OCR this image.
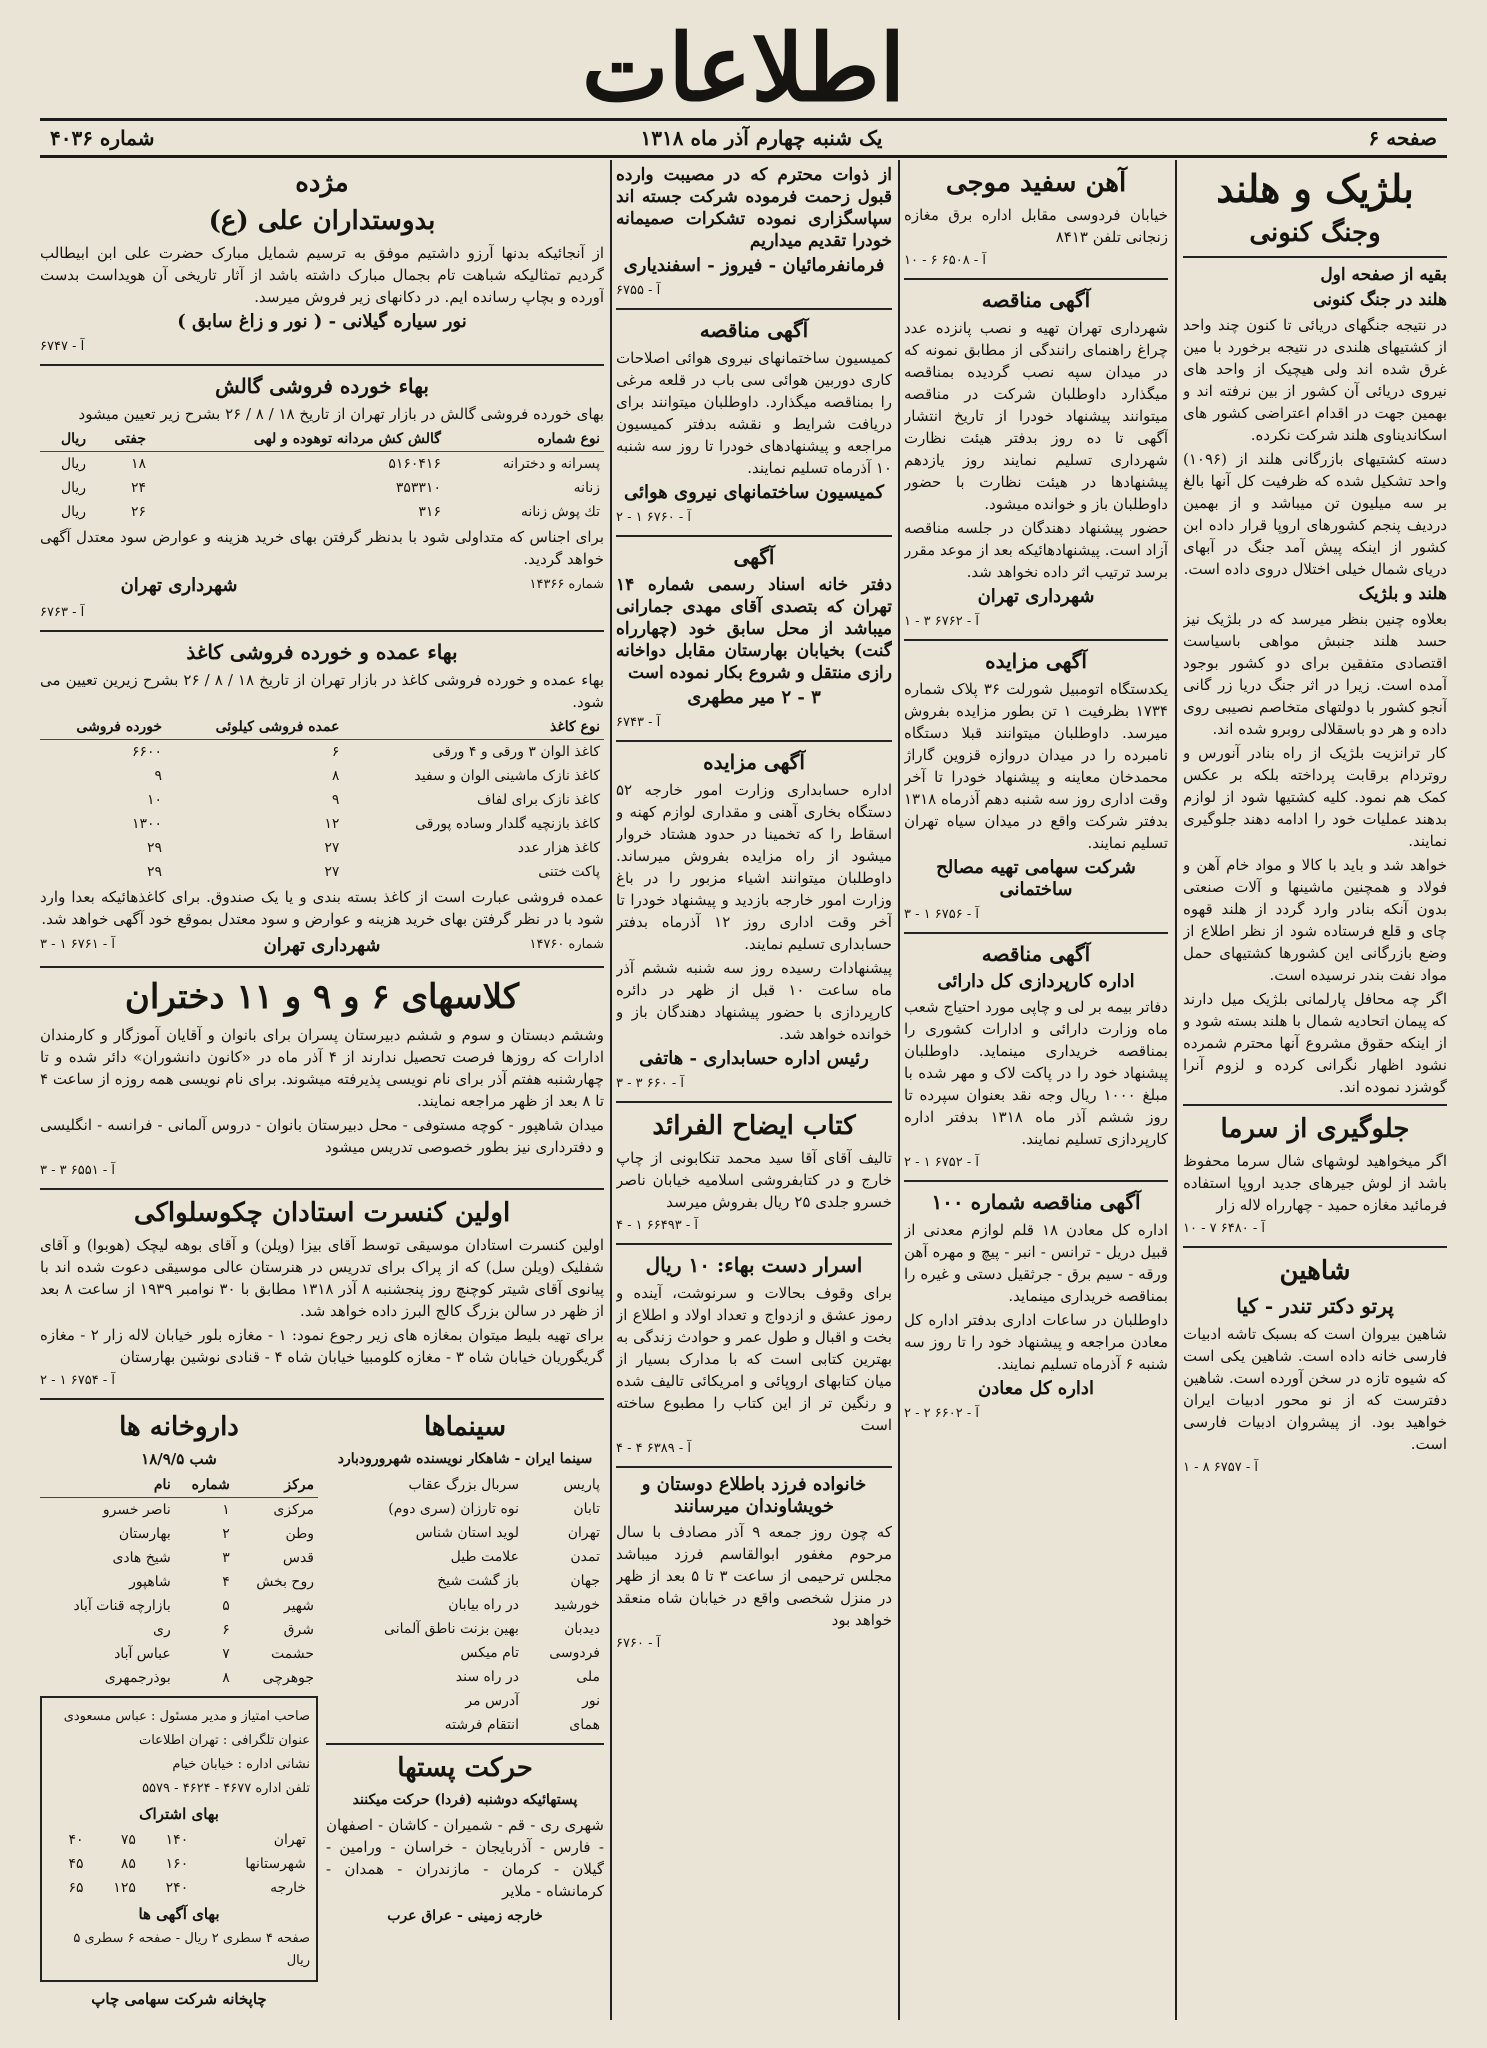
اطلاعات
صفحه ۶
یک شنبه چهارم آذر ماه ۱۳۱۸
شماره ۴۰۳۶
بلژیک و هلند
وجنگ کنونی
بقیه از صفحه اول
هلند در جنگ کنونی
در نتیجه جنگهای دریائی تا کنون چند واحد از کشتیهای هلندی در نتیجه برخورد با مین غرق شده اند ولی هیچیک از واحد های نیروی دریائی آن کشور از بین نرفته اند و بهمین جهت در اقدام اعتراضی کشور های اسکاندیناوی هلند شرکت نکرده.
دسته کشتیهای بازرگانی هلند از (۱۰۹۶) واحد تشکیل شده که ظرفیت کل آنها بالغ بر سه میلیون تن میباشد و از بهمین دردیف پنجم کشورهای اروپا قرار داده ابن کشور از اینکه پیش آمد جنگ در آبهای دریای شمال خیلی اختلال دروی داده است.
هلند و بلژیک
بعلاوه چنین بنظر میرسد که در بلژیک نیز حسد هلند جنبش مواهی باسیاست اقتصادی متفقین برای دو کشور بوجود آمده است. زیرا در اثر جنگ دریا زر گانی آنجو کشور با دولتهای متخاصم نصیبی روی داده و هر دو باسقلالی روبرو شده اند.
کار ترانزیت بلژیک از راه بنادر آنورس و روتردام برقابت پرداخته بلکه بر عکس کمک هم نمود. کلیه کشتیها شود از لوازم بدهند عملیات خود را ادامه دهند جلوگیری نمایند.
خواهد شد و باید با کالا و مواد خام آهن و فولاد و همچنین ماشینها و آلات صنعتی بدون آنکه بنادر وارد گردد از هلند قهوه چای و قلع فرستاده شود از نظر اطلاع از وضع بازرگانی این کشورها کشتیهای حمل مواد نفت بندر نرسیده است.
اگر چه محافل پارلمانی بلژیک میل دارند که پیمان اتحادیه شمال با هلند بسته شود و از اینکه حقوق مشروع آنها محترم شمرده نشود اظهار نگرانی کرده و لزوم آنرا گوشزد نموده اند.
جلوگیری از سرما
اگر میخواهید لوشهای شال سرما محفوظ باشد از لوش جیرهای جدید اروپا استفاده فرمائید مغازه حمید - چهارراه لاله زار
آ - ۶۴۸۰ ۷ - ۱۰
شاهین
پرتو دکتر تندر - کیا
شاهین بیروان است که بسبک تاشه ادبیات فارسی خانه داده است. شاهین یکی است که شیوه تازه در سخن آورده است. شاهین دفترست که از نو محور ادبیات ایران خواهید بود. از پیشروان ادبیات فارسی است.
آ - ۶۷۵۷ ۸ - ۱
آهن سفید موجی
خیابان فردوسی مقابل اداره برق مغازه زنجانی تلفن ۸۴۱۳
آ - ۶۵۰۸ ۶ - ۱۰
آگهی مناقصه
شهرداری تهران تهیه و نصب پانزده عدد چراغ راهنمای رانندگی از مطابق نمونه که در میدان سپه نصب گردیده بمناقصه میگذارد داوطلبان شرکت در مناقصه میتوانند پیشنهاد خودرا از تاریخ انتشار آگهی تا ده روز بدفتر هیئت نظارت شهرداری تسلیم نمایند روز یازدهم پیشنهادها در هیئت نظارت با حضور داوطلبان باز و خوانده میشود.
حضور پیشنهاد دهندگان در جلسه مناقصه آزاد است. پیشنهادهائیکه بعد از موعد مقرر برسد ترتیب اثر داده نخواهد شد.
شهرداری تهران
آ - ۶۷۶۲ ۳ - ۱
آگهی مزایده
یکدستگاه اتومبیل شورلت ۳۶ پلاک شماره ۱۷۳۴ بظرفیت ۱ تن بطور مزایده بفروش میرسد. داوطلبان میتوانند قبلا دستگاه نامبرده را در میدان دروازه قزوین گاراژ محمدخان معاینه و پیشنهاد خودرا تا آخر وقت اداری روز سه شنبه دهم آذرماه ۱۳۱۸ بدفتر شرکت واقع در میدان سیاه تهران تسلیم نمایند.
شرکت سهامی تهیه مصالح ساختمانی
آ - ۶۷۵۶ ۱ - ۳
آگهی مناقصه
اداره کارپردازی کل دارائی
دفاتر بیمه بر لی و چاپی مورد احتیاج شعب ماه وزارت دارائی و ادارات کشوری را بمناقصه خریداری مینماید. داوطلبان پیشنهاد خود را در پاکت لاک و مهر شده با مبلغ ۱۰۰۰ ریال وجه نقد بعنوان سپرده تا روز ششم آذر ماه ۱۳۱۸ بدفتر اداره کارپردازی تسلیم نمایند.
آ - ۶۷۵۲ ۱ - ۲
آگهی مناقصه شماره ۱۰۰
اداره کل معادن ۱۸ قلم لوازم معدنی از قبیل دریل - ترانس - انبر - پیچ و مهره آهن ورقه - سیم برق - جرثقیل دستی و غیره را بمناقصه خریداری مینماید.
داوطلبان در ساعات اداری بدفتر اداره کل معادن مراجعه و پیشنهاد خود را تا روز سه شنبه ۶ آذرماه تسلیم نمایند.
اداره کل معادن
آ - ۶۶۰۲ ۲ - ۲
از ذوات محترم که در مصیبت وارده قبول زحمت فرموده شرکت جسته اند سپاسگزاری نموده تشکرات صمیمانه خودرا تقدیم میداریم
فرمانفرمائیان - فیروز - اسفندیاری
آ - ۶۷۵۵
آگهی مناقصه
کمیسیون ساختمانهای نیروی هوائی اصلاحات کاری دوربین هوائی سی باب در قلعه مرغی را بمناقصه میگذارد. داوطلبان میتوانند برای دریافت شرایط و نقشه بدفتر کمیسیون مراجعه و پیشنهادهای خودرا تا روز سه شنبه ۱۰ آذرماه تسلیم نمایند.
کمیسیون ساختمانهای نیروی هوائی
آ - ۶۷۶۰ ۱ - ۲
آگهی
دفتر خانه اسناد رسمی شماره ۱۴ تهران که بتصدی آقای مهدی جمارانی میباشد از محل سابق خود (چهارراه گنت) بخیابان بهارستان مقابل دواخانه رازی منتقل و شروع بکار نموده است
۳ - ۲ میر مطهری
آ - ۶۷۴۳
آگهی مزایده
اداره حسابداری وزارت امور خارجه ۵۲ دستگاه بخاری آهنی و مقداری لوازم کهنه و اسقاط را که تخمینا در حدود هشتاد خروار میشود از راه مزایده بفروش میرساند. داوطلبان میتوانند اشیاء مزبور را در باغ وزارت امور خارجه بازدید و پیشنهاد خودرا تا آخر وقت اداری روز ۱۲ آذرماه بدفتر حسابداری تسلیم نمایند.
پیشنهادات رسیده روز سه شنبه ششم آذر ماه ساعت ۱۰ قبل از ظهر در دائره کارپردازی با حضور پیشنهاد دهندگان باز و خوانده خواهد شد.
رئیس اداره حسابداری - هاتفی
آ - ۶۶۰ ۳ - ۳
کتاب ایضاح الفرائد
تالیف آقای آقا سید محمد تنکابونی از چاپ خارج و در کتابفروشی اسلامیه خیابان ناصر خسرو جلدی ۲۵ ریال بفروش میرسد
آ - ۶۶۴۹۳ ۱ - ۴
اسرار دست بهاء: ۱۰ ریال
برای وقوف بحالات و سرنوشت، آینده و رموز عشق و ازدواج و تعداد اولاد و اطلاع از بخت و اقبال و طول عمر و حوادث زندگی به بهترین کتابی است که با مدارک بسیار از میان کتابهای اروپائی و امریکائی تالیف شده و رنگین تر از این کتاب را مطبوع ساخته است
آ - ۶۳۸۹ ۴ - ۴
خانواده فرزد باطلاع دوستان و خویشاوندان میرسانند
که چون روز جمعه ۹ آذر مصادف با سال مرحوم مغفور ابوالقاسم فرزد میباشد مجلس ترحیمی از ساعت ۳ تا ۵ بعد از ظهر در منزل شخصی واقع در خیابان شاه منعقد خواهد بود
آ - ۶۷۶۰
مژده
بدوستداران علی (ع)
از آنجائیکه بدنها آرزو داشتیم موفق به ترسیم شمایل مبارک حضرت علی ابن ابیطالب گردیم تمثالیکه شباهت تام بجمال مبارک داشته باشد از آثار تاریخی آن هویداست بدست آورده و بچاپ رسانده ایم. در دکانهای زیر فروش میرسد.
نور سیاره گیلانی - ( نور و زاغ سابق )
آ - ۶۷۴۷
بهاء خورده فروشی گالش
بهای خورده فروشی گالش در بازار تهران از تاریخ ۱۸ / ۸ / ۲۶ بشرح زیر تعیین میشود
نوع شماره	گالش کش مردانه توهوده و لهی	جفتی	ریال
پسرانه و دخترانه	۵۱۶۰۴۱۶	۱۸	ریال
زنانه	۳۵۳۳۱۰	۲۴	ریال
تك پوش زنانه	۳۱۶	۲۶	ریال
برای اجناس که متداولی شود با بدنظر گرفتن بهای خرید هزینه و عوارض سود معتدل آگهی خواهد گردید.
شماره ۱۴۳۶۶
شهرداری تهران
آ - ۶۷۶۳
بهاء عمده و خورده فروشی کاغذ
بهاء عمده و خورده فروشی کاغذ در بازار تهران از تاریخ ۱۸ / ۸ / ۲۶ بشرح زیرین تعیین می شود.
نوع کاغذ	عمده فروشی کیلوئی	خورده فروشی
کاغذ الوان ۳ ورقی و ۴ ورقی	۶	۶۶۰۰
کاغذ نازک ماشینی الوان و سفید	۸	۹
کاغذ نازک برای لفاف	۹	۱۰
کاغذ بازنچیه گلدار وساده پورقی	۱۲	۱۳۰۰
کاغذ هزار عدد	۲۷	۲۹
پاکت ختنی	۲۷	۲۹
عمده فروشی عبارت است از کاغذ بسته بندی و یا یک صندوق. برای کاغذهائیکه بعدا وارد شود با در نظر گرفتن بهای خرید هزینه و عوارض و سود معتدل بموقع خود آگهی خواهد شد.
شماره ۱۴۷۶۰
شهرداری تهران
آ - ۶۷۶۱ ۱ - ۳
کلاسهای ۶ و ۹ و ۱۱ دختران
وششم دبستان و سوم و ششم دبیرستان پسران برای بانوان و آقایان آموزگار و کارمندان ادارات که روزها فرصت تحصیل ندارند از ۴ آذر ماه در «کانون دانشوران» دائر شده و تا چهارشنبه هفتم آذر برای نام نویسی پذیرفته میشوند. برای نام نویسی همه روزه از ساعت ۴ تا ۸ بعد از ظهر مراجعه نمایند.
میدان شاهپور - کوچه مستوفی - محل دبیرستان بانوان - دروس آلمانی - فرانسه - انگلیسی و دفترداری نیز بطور خصوصی تدریس میشود
آ - ۶۵۵۱ ۳ - ۳
اولین کنسرت استادان چکوسلواکی
اولین کنسرت استادان موسیقی توسط آقای بیزا (ویلن) و آقای بوهه لیچک (هوبوا) و آقای شفلیک (ویلن سل) که از پراک برای تدریس در هنرستان عالی موسیقی دعوت شده اند با پیانوی آقای شیتر کوچنچ روز پنجشنبه ۸ آذر ۱۳۱۸ مطابق با ۳۰ نوامبر ۱۹۳۹ از ساعت ۸ بعد از ظهر در سالن بزرگ کالج البرز داده خواهد شد.
برای تهیه بلیط میتوان بمغازه های زیر رجوع نمود: ۱ - مغازه بلور خیابان لاله زار ۲ - مغازه گریگوریان خیابان شاه ۳ - مغازه کلومبیا خیابان شاه ۴ - قنادی نوشین بهارستان
آ - ۶۷۵۴ ۱ - ۲
سینماها
سینما ایران - شاهکار نویسنده شهرورودبارد
پاریس	سربال بزرگ عقاب
تابان	نوه تارزان (سری دوم)
تهران	لوید استان شناس
تمدن	علامت طیل
جهان	باز گشت شیخ
خورشید	در راه بیابان
دیدبان	بهین بزنت ناطق آلمانی
فردوسی	تام میکس
ملی	در راه سند
نور	آدرس مر
همای	انتقام فرشته
حرکت پستها
پستهائیکه دوشنبه (فردا) حرکت میکنند
شهری ری - قم - شمیران - کاشان - اصفهان - فارس - آذربایجان - خراسان - ورامین - گیلان - کرمان - مازندران - همدان - کرمانشاه - ملایر
خارجه زمینی - عراق عرب
داروخانه ها
شب ۱۸/۹/۵
مرکز	شماره	نام
مرکزی	۱	ناصر خسرو
وطن	۲	بهارستان
قدس	۳	شیخ هادی
روح بخش	۴	شاهپور
شهیر	۵	بازارچه قنات آباد
شرق	۶	ری
حشمت	۷	عباس آباد
جوهرچی	۸	بوذرجمهری
صاحب امتیاز و مدیر مسئول : عباس مسعودی
عنوان تلگرافی : تهران اطلاعات
نشانی اداره : خیابان خیام
تلفن اداره ۴۶۷۷ - ۴۶۲۴ - ۵۵۷۹
بهای اشتراک
تهران	۱۴۰	۷۵	۴۰
شهرستانها	۱۶۰	۸۵	۴۵
خارجه	۲۴۰	۱۲۵	۶۵
بهای آگهی ها
صفحه ۴ سطری ۲ ریال - صفحه ۶ سطری ۵ ریال
چاپخانه شرکت سهامی چاپ
